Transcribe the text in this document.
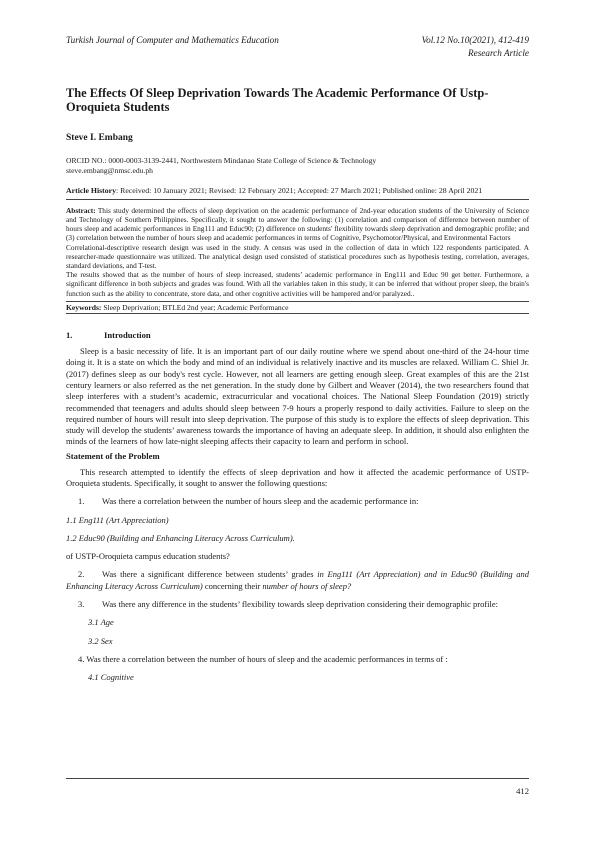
Turkish Journal of Computer and Mathematics Education	Vol.12 No.10(2021), 412-419
Research Article
The Effects Of Sleep Deprivation Towards The Academic Performance Of Ustp-Oroquieta Students
Steve I. Embang
ORCID NO.: 0000-0003-3139-2441, Northwestern Mindanao State College of Science & Technology
steve.embang@nmsc.edu.ph
Article History: Received: 10 January 2021; Revised: 12 February 2021; Accepted: 27 March 2021; Published online: 28 April 2021

Abstract: This study determined the effects of sleep deprivation on the academic performance of 2nd-year education students of the University of Science and Technology of Southern Philippines. Specifically, it sought to answer the following: (1) correlation and comparison of difference between number of hours sleep and academic performances in Eng111 and Educ90; (2) difference on students' flexibility towards sleep deprivation and demographic profile; and (3) correlation between the number of hours sleep and academic performances in terms of Cognitive, Psychomotor/Physical, and Environmental Factors

Correlational-descriptive research design was used in the study. A census was used in the collection of data in which 122 respondents participated. A researcher-made questionnaire was utilized. The analytical design used consisted of statistical procedures such as hypothesis testing, correlation, averages, standard deviations, and T-test.

The results showed that as the number of hours of sleep increased, students’ academic performance in Eng111 and Educ 90 get better. Furthermore, a significant difference in both subjects and grades was found. With all the variables taken in this study, it can be inferred that without proper sleep, the brain's function such as the ability to concentrate, store data, and other cognitive activities will be hampered and/or paralyzed..

Keywords: Sleep Deprivation; BTLEd 2nd year; Academic Performance
1.	Introduction

Sleep is a basic necessity of life. It is an important part of our daily routine where we spend about one-third of the 24-hour time doing it. It is a state on which the body and mind of an individual is relatively inactive and its muscles are relaxed. William C. Shiel Jr. (2017) defines sleep as our body's rest cycle. However, not all learners are getting enough sleep. Great examples of this are the 21st century learners or also referred as the net generation. In the study done by Gilbert and Weaver (2014), the two researchers found that sleep interferes with a student’s academic, extracurricular and vocational choices. The National Sleep Foundation (2019) strictly recommended that teenagers and adults should sleep between 7-9 hours a properly respond to daily activities. Failure to sleep on the required number of hours will result into sleep deprivation. The purpose of this study is to explore the effects of sleep deprivation. This study will develop the students’ awareness towards the importance of having an adequate sleep. In addition, it should also enlighten the minds of the learners of how late-night sleeping affects their capacity to learn and perform in school.

Statement of the Problem

This research attempted to identify the effects of sleep deprivation and how it affected the academic performance of USTP-Oroquieta students. Specifically, it sought to answer the following questions:

1. Was there a correlation between the number of hours sleep and the academic performance in:
1.1 Eng111 (Art Appreciation)
1.2 Educ90 (Building and Enhancing Literacy Across Curriculum).
of USTP-Oroquieta campus education students?
2. Was there a significant difference between students’ grades in Eng111 (Art Appreciation) and in Educ90 (Building and Enhancing Literacy Across Curriculum) concerning their number of hours of sleep?
3. Was there any difference in the students’ flexibility towards sleep deprivation considering their demographic profile:
3.1 Age
3.2 Sex
4. Was there a correlation between the number of hours of sleep and the academic performances in terms of :
4.1 Cognitive
412
